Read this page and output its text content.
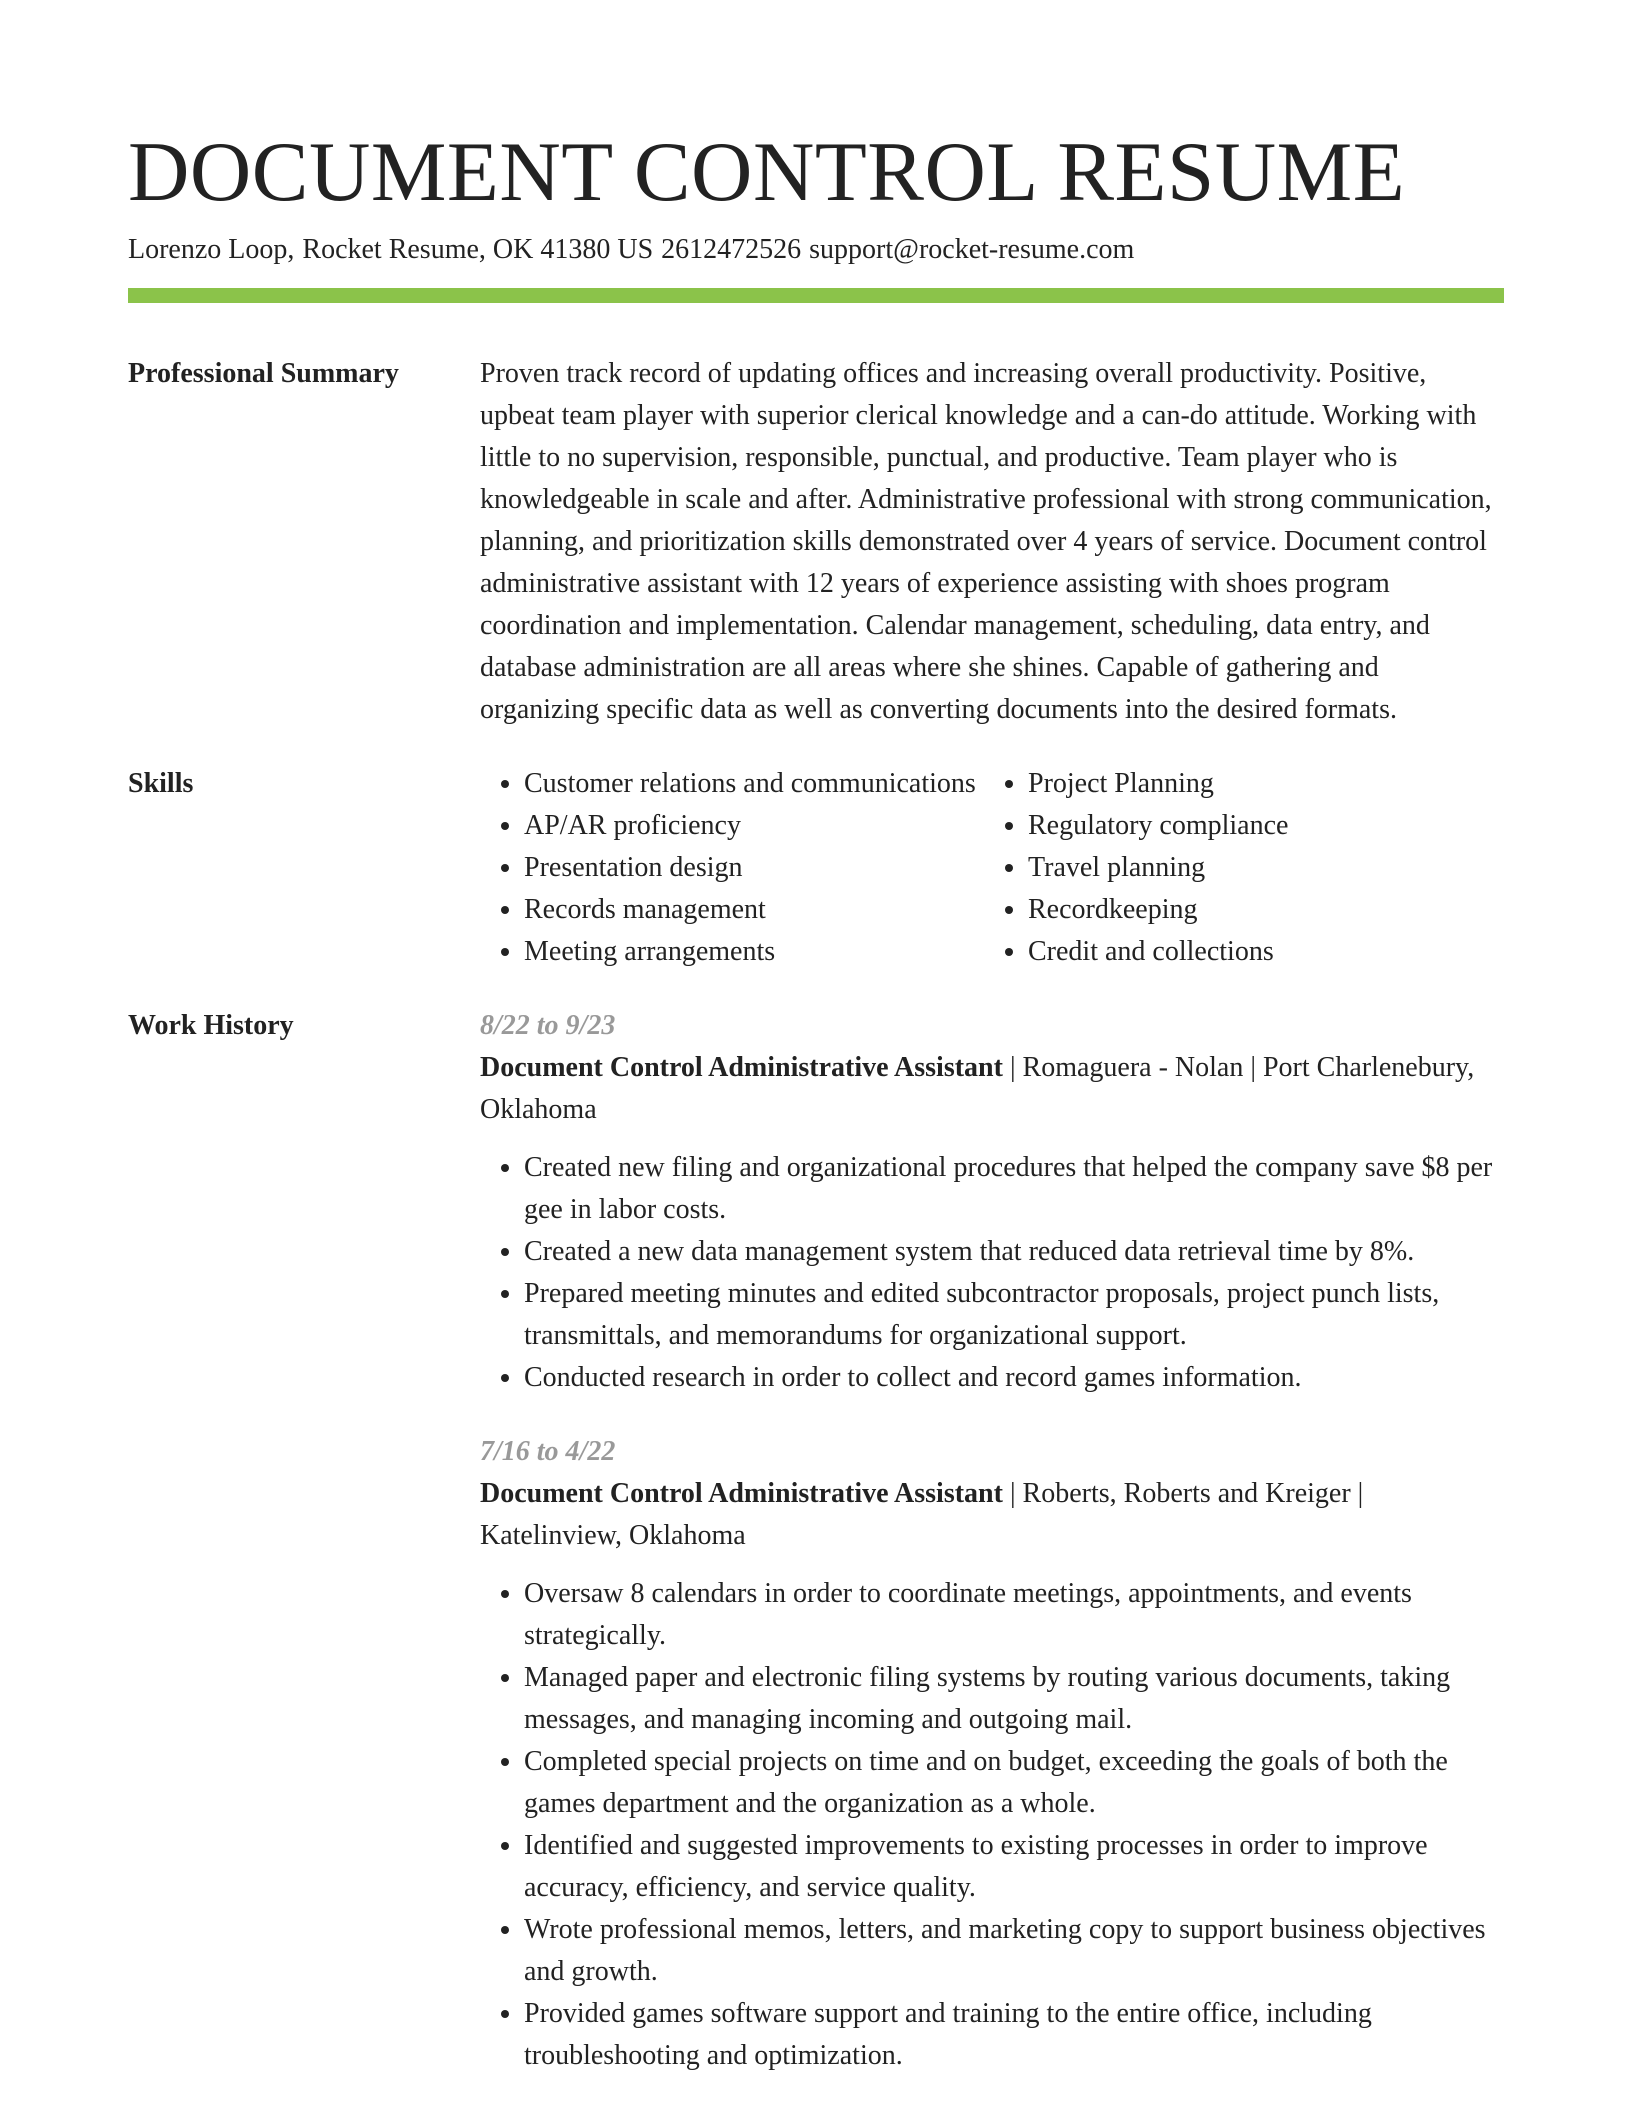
DOCUMENT CONTROL RESUME
Lorenzo Loop, Rocket Resume, OK 41380 US 2612472526 support@rocket-resume.com
Professional Summary	Proven track record of updating offices and increasing overall productivity. Positive, upbeat team player with superior clerical knowledge and a can-do attitude. Working with little to no supervision, responsible, punctual, and productive. Team player who is knowledgeable in scale and after. Administrative professional with strong communication, planning, and prioritization skills demonstrated over 4 years of service. Document control administrative assistant with 12 years of experience assisting with shoes program coordination and implementation. Calendar management, scheduling, data entry, and database administration are all areas where she shines. Capable of gathering and organizing specific data as well as converting documents into the desired formats.

Skills
•	Customer relations and communications
• AP/AR proficiency
• Presentation design
• Records management
• Meeting arrangements
• Project Planning
• Regulatory compliance
• Travel planning
• Recordkeeping
• Credit and collections
Work History	8/22 to 9/23
Document Control Administrative Assistant | Romaguera - Nolan | Port Charlenebury, Oklahoma
• Created new filing and organizational procedures that helped the company save $8 per gee in labor costs.
• Created a new data management system that reduced data retrieval time by 8%.
• Prepared meeting minutes and edited subcontractor proposals, project punch lists, transmittals, and memorandums for organizational support.
• Conducted research in order to collect and record games information.
7/16 to 4/22
Document Control Administrative Assistant | Roberts, Roberts and Kreiger | Katelinview, Oklahoma
• Oversaw 8 calendars in order to coordinate meetings, appointments, and events strategically.
• Managed paper and electronic filing systems by routing various documents, taking messages, and managing incoming and outgoing mail.
• Completed special projects on time and on budget, exceeding the goals of both the games department and the organization as a whole.
• Identified and suggested improvements to existing processes in order to improve accuracy, efficiency, and service quality.
• Wrote professional memos, letters, and marketing copy to support business objectives and growth.
• Provided games software support and training to the entire office, including troubleshooting and optimization.
